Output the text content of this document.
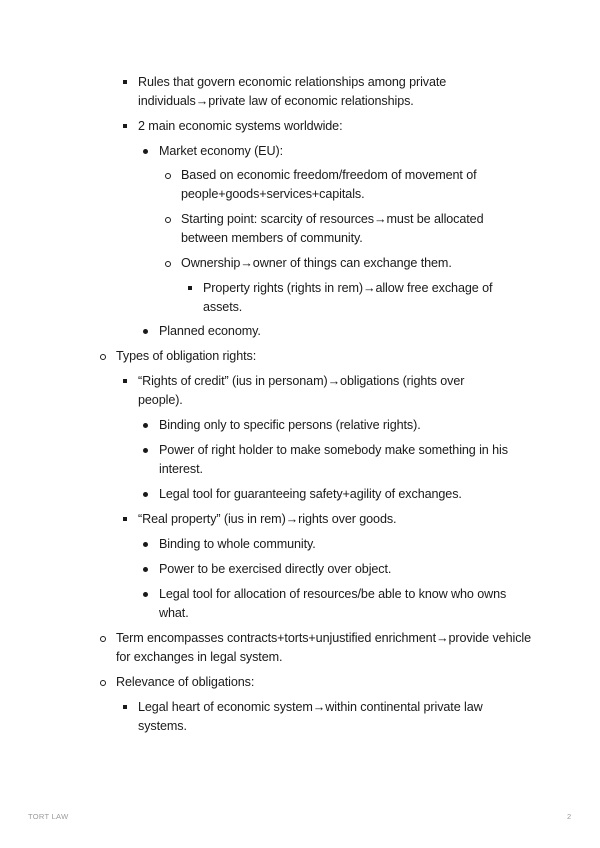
Rules that govern economic relationships among private individuals→private law of economic relationships.
2 main economic systems worldwide:
Market economy (EU):
Based on economic freedom/freedom of movement of people+goods+services+capitals.
Starting point: scarcity of resources→must be allocated between members of community.
Ownership→owner of things can exchange them.
Property rights (rights in rem)→allow free exchage of assets.
Planned economy.
Types of obligation rights:
“Rights of credit” (ius in personam)→obligations (rights over people).
Binding only to specific persons (relative rights).
Power of right holder to make somebody make something in his interest.
Legal tool for guaranteeing safety+agility of exchanges.
“Real property” (ius in rem)→rights over goods.
Binding to whole community.
Power to be exercised directly over object.
Legal tool for allocation of resources/be able to know who owns what.
Term encompasses contracts+torts+unjustified enrichment→provide vehicle for exchanges in legal system.
Relevance of obligations:
Legal heart of economic system→within continental private law systems.
TORT LAW	2
